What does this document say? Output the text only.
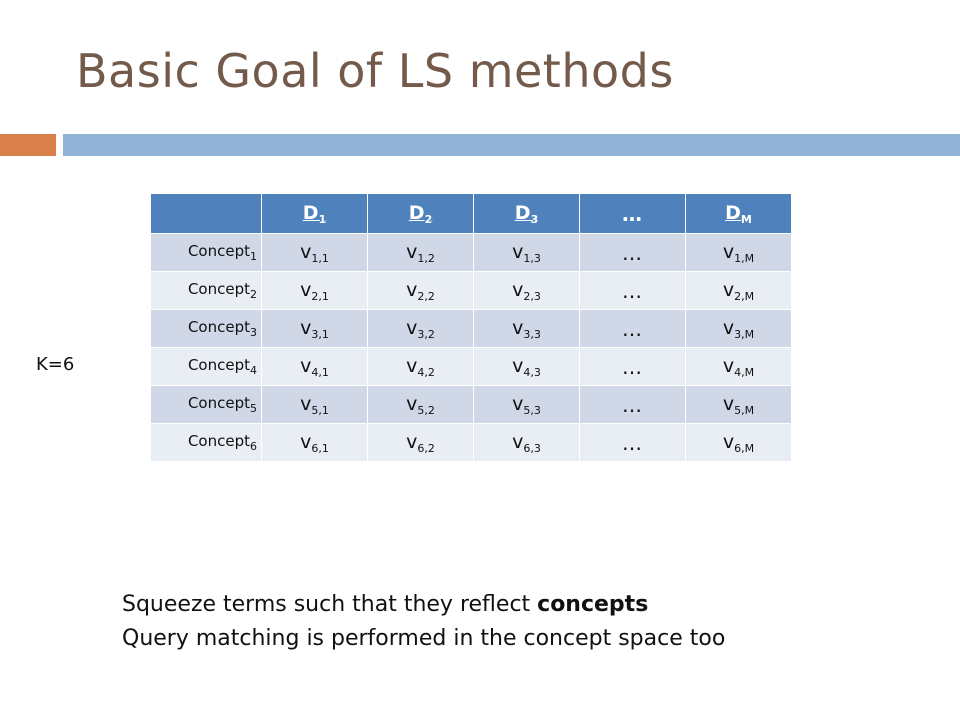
Basic Goal of LS methods
K=6
	$D_1$	$D_2$	$D_3$	…	$D_M$
Concept$_1$	$v_{1,1}$	$v_{1,2}$	$v_{1,3}$	…	$v_{1,M}$
Concept$_2$	$v_{2,1}$	$v_{2,2}$	$v_{2,3}$	…	$v_{2,M}$
Concept$_3$	$v_{3,1}$	$v_{3,2}$	$v_{3,3}$	…	$v_{3,M}$
Concept$_4$	$v_{4,1}$	$v_{4,2}$	$v_{4,3}$	…	$v_{4,M}$
Concept$_5$	$v_{5,1}$	$v_{5,2}$	$v_{5,3}$	…	$v_{5,M}$
Concept$_6$	$v_{6,1}$	$v_{6,2}$	$v_{6,3}$	…	$v_{6,M}$
Squeeze terms such that they reflect concepts
Query matching is performed in the concept space too
